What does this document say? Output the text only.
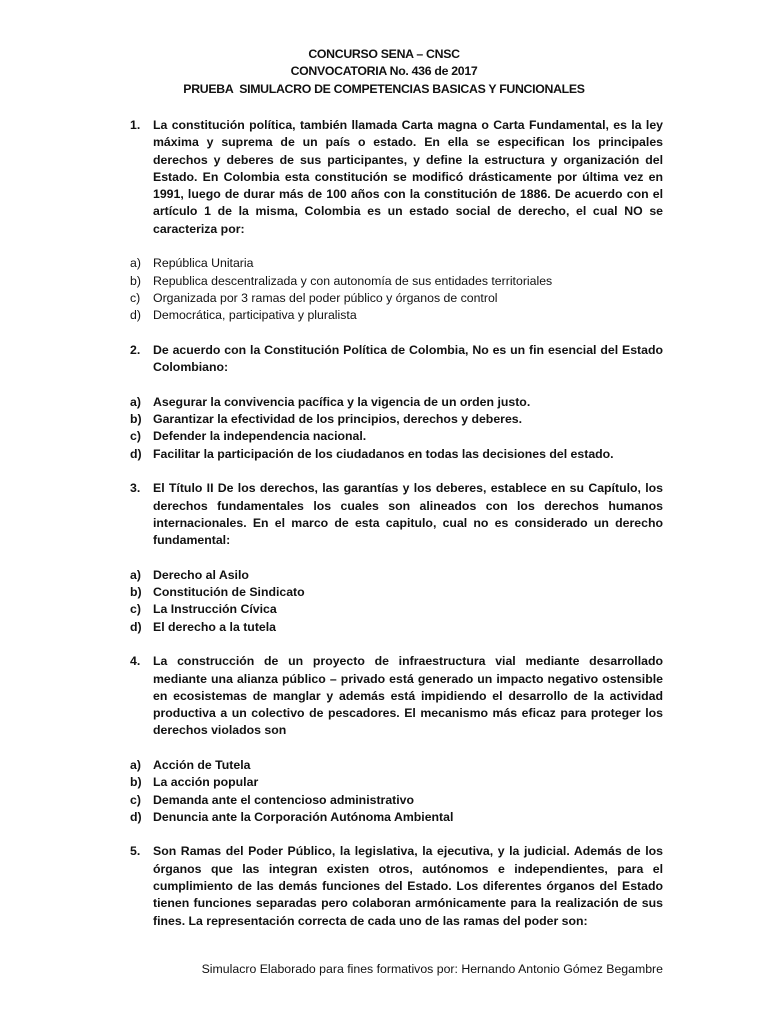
CONCURSO SENA – CNSC
CONVOCATORIA No. 436 de 2017
PRUEBA  SIMULACRO DE COMPETENCIAS BASICAS Y FUNCIONALES
1. La constitución política, también llamada Carta magna o Carta Fundamental, es la ley máxima y suprema de un país o estado. En ella se especifican los principales derechos y deberes de sus participantes, y define la estructura y organización del Estado. En Colombia esta constitución se modificó drásticamente por última vez en 1991, luego de durar más de 100 años con la constitución de 1886. De acuerdo con el artículo 1 de la misma, Colombia es un estado social de derecho, el cual NO se caracteriza por:
a) República Unitaria
b) Republica descentralizada y con autonomía de sus entidades territoriales
c) Organizada por 3 ramas del poder público y órganos de control
d) Democrática, participativa y pluralista
2. De acuerdo con la Constitución Política de Colombia, No es un fin esencial del Estado Colombiano:
a) Asegurar la convivencia pacífica y la vigencia de un orden justo.
b) Garantizar la efectividad de los principios, derechos y deberes.
c) Defender la independencia nacional.
d) Facilitar la participación de los ciudadanos en todas las decisiones del estado.
3. El Título II De los derechos, las garantías y los deberes, establece en su Capítulo, los derechos fundamentales los cuales son alineados con los derechos humanos internacionales. En el marco de esta capitulo, cual no es considerado un derecho fundamental:
a) Derecho al Asilo
b) Constitución de Sindicato
c) La Instrucción Cívica
d) El derecho a la tutela
4. La construcción de un proyecto de infraestructura vial mediante desarrollado mediante una alianza público – privado está generado un impacto negativo ostensible en ecosistemas de manglar y además está impidiendo el desarrollo de la actividad productiva a un colectivo de pescadores. El mecanismo más eficaz para proteger los derechos violados son
a) Acción de Tutela
b) La acción popular
c) Demanda ante el contencioso administrativo
d) Denuncia ante la Corporación Autónoma Ambiental
5. Son Ramas del Poder Público, la legislativa, la ejecutiva, y la judicial. Además de los órganos que las integran existen otros, autónomos e independientes, para el cumplimiento de las demás funciones del Estado. Los diferentes órganos del Estado tienen funciones separadas pero colaboran armónicamente para la realización de sus fines. La representación correcta de cada uno de las ramas del poder son:
Simulacro Elaborado para fines formativos por: Hernando Antonio Gómez Begambre
